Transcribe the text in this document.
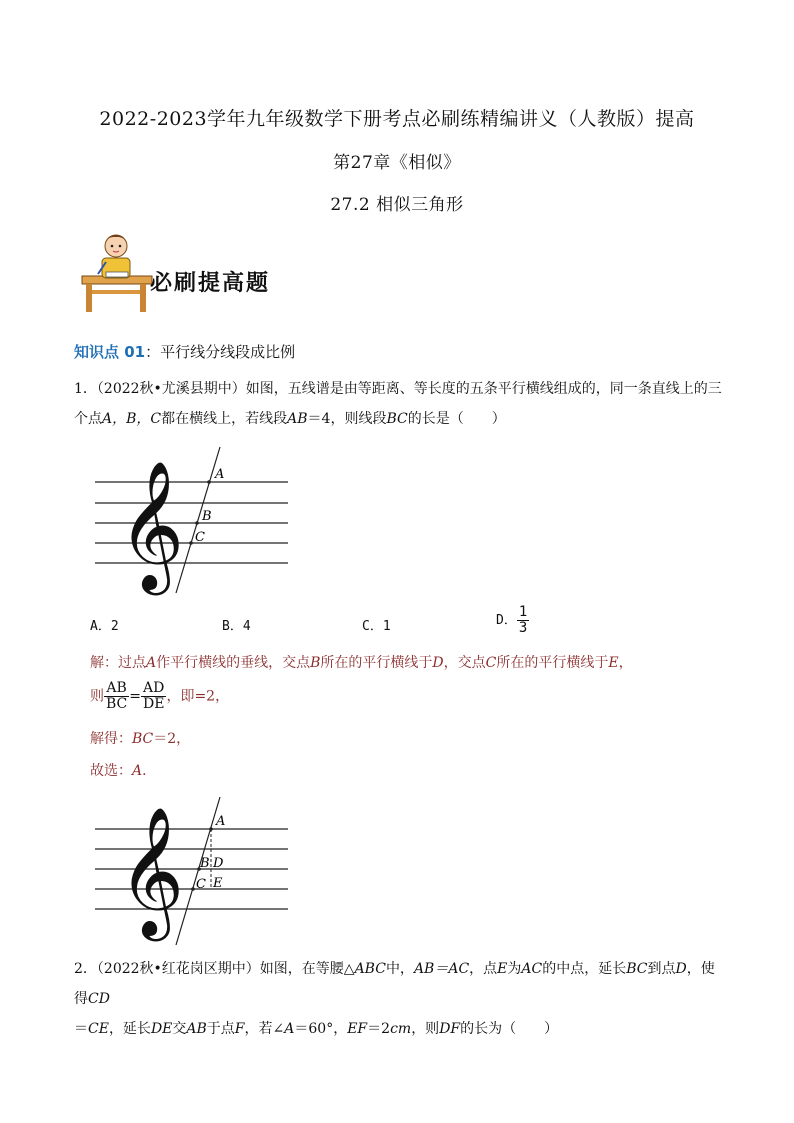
2022-2023学年九年级数学下册考点必刷练精编讲义（人教版）提高
第27章《相似》
27.2 相似三角形
必刷提高题
知识点 01：平行线分线段成比例
1．（2022秋•尤溪县期中）如图，五线谱是由等距离、等长度的五条平行横线组成的，同一条直线上的三
个点A，B，C都在横线上，若线段AB＝4，则线段BC的长是（　　）
𝄞 A
B
C
A．2	B．4	C．1	D． $\frac{1}{3}$
解：过点A作平行横线的垂线，交点B所在的平行横线于D，交点C所在的平行横线于E，
则 $\frac{AB}{BC} = \frac{AD}{DE}$ ，即=2，
解得：BC＝2，
故选：A．
𝄞 A
B
C
D
E
2．（2022秋•红花岗区期中）如图，在等腰△ABC中，AB＝AC，点E为AC的中点，延长BC到点D，使得CD
＝CE，延长DE交AB于点F，若∠A＝60°，EF＝2cm，则DF的长为（　　）
